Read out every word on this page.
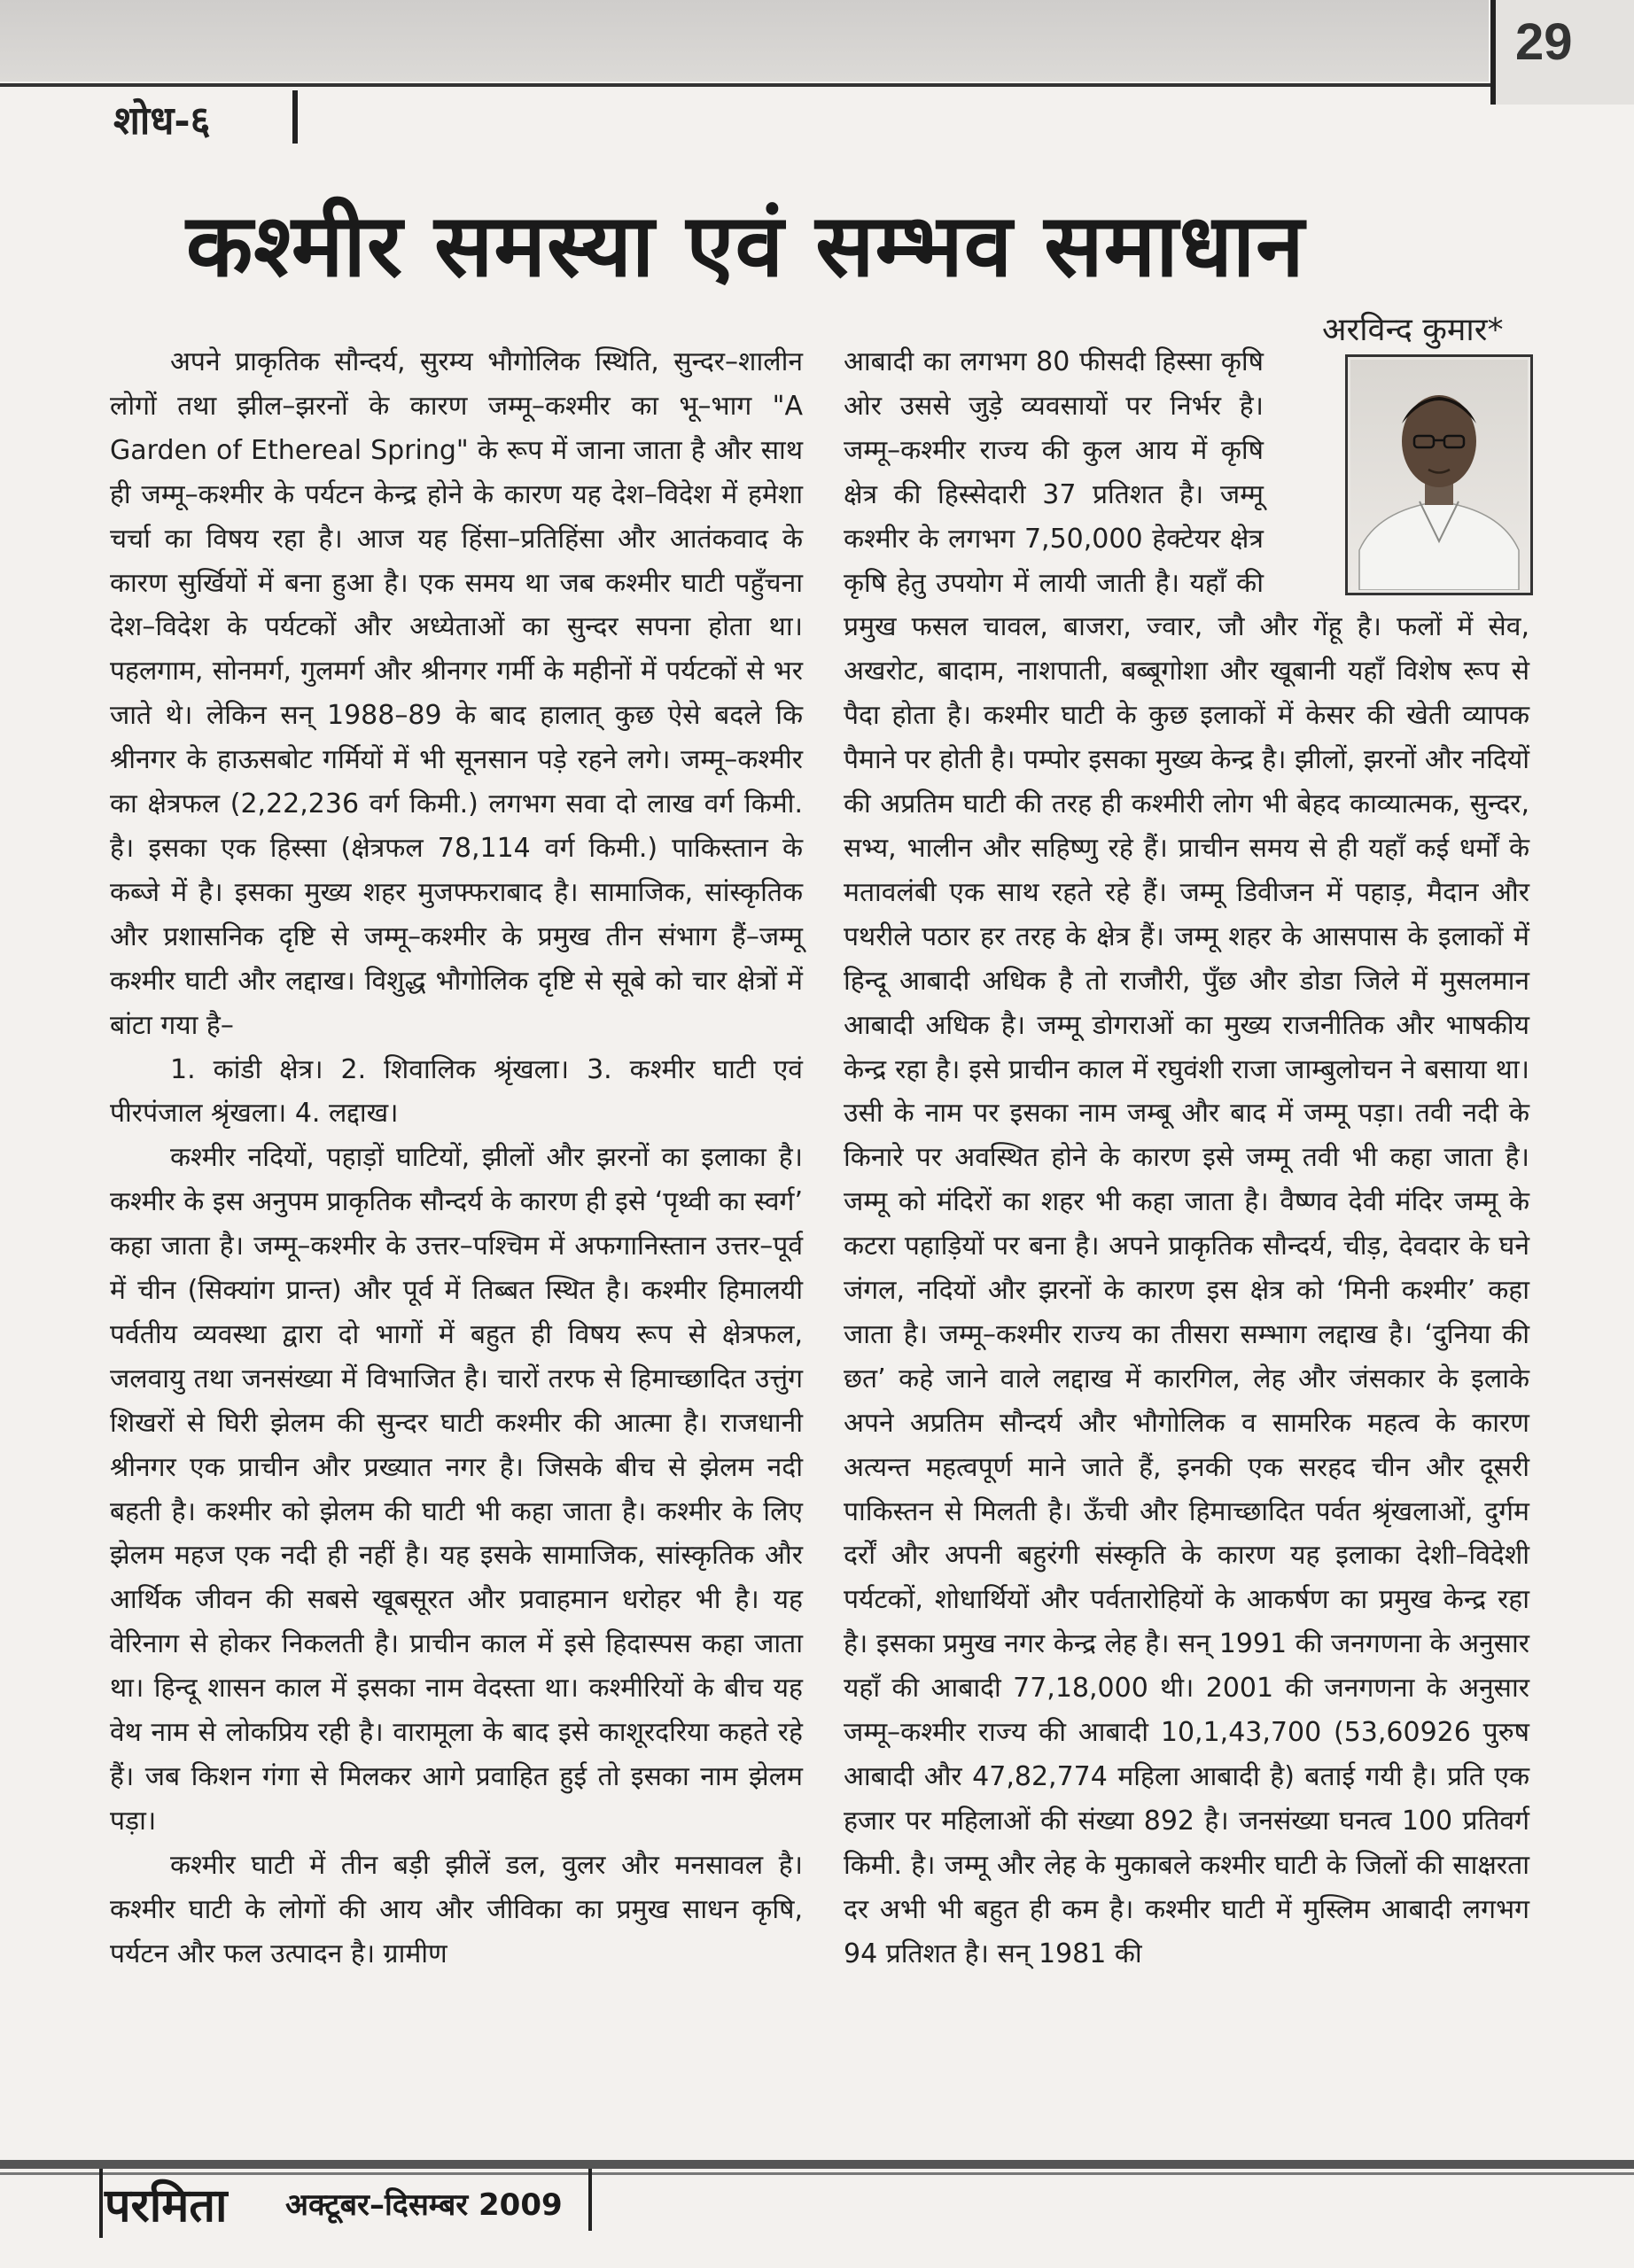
29
शोध-६
कश्मीर समस्या एवं सम्भव समाधान
अरविन्द कुमार*

अपने प्राकृतिक सौन्दर्य, सुरम्य भौगोलिक स्थिति, सुन्दर–शालीन लोगों तथा झील–झरनों के कारण जम्मू–कश्मीर का भू–भाग "A Garden of Ethereal Spring" के रूप में जाना जाता है और साथ ही जम्मू–कश्मीर के पर्यटन केन्द्र होने के कारण यह देश–विदेश में हमेशा चर्चा का विषय रहा है। आज यह हिंसा–प्रतिहिंसा और आतंकवाद के कारण सुर्खियों में बना हुआ है। एक समय था जब कश्मीर घाटी पहुँचना देश–विदेश के पर्यटकों और अध्येताओं का सुन्दर सपना होता था। पहलगाम, सोनमर्ग, गुलमर्ग और श्रीनगर गर्मी के महीनों में पर्यटकों से भर जाते थे। लेकिन सन् 1988–89 के बाद हालात् कुछ ऐसे बदले कि श्रीनगर के हाऊसबोट गर्मियों में भी सूनसान पड़े रहने लगे। जम्मू–कश्मीर का क्षेत्रफल (2,22,236 वर्ग किमी.) लगभग सवा दो लाख वर्ग किमी. है। इसका एक हिस्सा (क्षेत्रफल 78,114 वर्ग किमी.) पाकिस्तान के कब्जे में है। इसका मुख्य शहर मुजफ्फराबाद है। सामाजिक, सांस्कृतिक और प्रशासनिक दृष्टि से जम्मू–कश्मीर के प्रमुख तीन संभाग हैं–जम्मू कश्मीर घाटी और लद्दाख। विशुद्ध भौगोलिक दृष्टि से सूबे को चार क्षेत्रों में बांटा गया है–

1. कांडी क्षेत्र। 2. शिवालिक श्रृंखला। 3. कश्मीर घाटी एवं पीरपंजाल श्रृंखला। 4. लद्दाख।

कश्मीर नदियों, पहाड़ों घाटियों, झीलों और झरनों का इलाका है। कश्मीर के इस अनुपम प्राकृतिक सौन्दर्य के कारण ही इसे ‘पृथ्वी का स्वर्ग’ कहा जाता है। जम्मू–कश्मीर के उत्तर–पश्चिम में अफगानिस्तान उत्तर–पूर्व में चीन (सिक्यांग प्रान्त) और पूर्व में तिब्बत स्थित है। कश्मीर हिमालयी पर्वतीय व्यवस्था द्वारा दो भागों में बहुत ही विषय रूप से क्षेत्रफल, जलवायु तथा जनसंख्या में विभाजित है। चारों तरफ से हिमाच्छादित उत्तुंग शिखरों से घिरी झेलम की सुन्दर घाटी कश्मीर की आत्मा है। राजधानी श्रीनगर एक प्राचीन और प्रख्यात नगर है। जिसके बीच से झेलम नदी बहती है। कश्मीर को झेलम की घाटी भी कहा जाता है। कश्मीर के लिए झेलम महज एक नदी ही नहीं है। यह इसके सामाजिक, सांस्कृतिक और आर्थिक जीवन की सबसे खूबसूरत और प्रवाहमान धरोहर भी है। यह वेरिनाग से होकर निकलती है। प्राचीन काल में इसे हिदास्पस कहा जाता था। हिन्दू शासन काल में इसका नाम वेदस्ता था। कश्मीरियों के बीच यह वेथ नाम से लोकप्रिय रही है। वारामूला के बाद इसे काशूरदरिया कहते रहे हैं। जब किशन गंगा से मिलकर आगे प्रवाहित हुई तो इसका नाम झेलम पड़ा।

कश्मीर घाटी में तीन बड़ी झीलें डल, वुलर और मनसावल है। कश्मीर घाटी के लोगों की आय और जीविका का प्रमुख साधन कृषि, पर्यटन और फल उत्पादन है। ग्रामीण

आबादी का लगभग 80 फीसदी हिस्सा कृषि ओर उससे जुड़े व्यवसायों पर निर्भर है। जम्मू–कश्मीर राज्य की कुल आय में कृषि क्षेत्र की हिस्सेदारी 37 प्रतिशत है। जम्मू कश्मीर के लगभग 7,50,000 हेक्टेयर क्षेत्र कृषि हेतु उपयोग में लायी जाती है। यहाँ की प्रमुख फसल चावल, बाजरा, ज्वार, जौ और गेंहू है। फलों में सेव, अखरोट, बादाम, नाशपाती, बब्बूगोशा और खूबानी यहाँ विशेष रूप से पैदा होता है। कश्मीर घाटी के कुछ इलाकों में केसर की खेती व्यापक पैमाने पर होती है। पम्पोर इसका मुख्य केन्द्र है। झीलों, झरनों और नदियों की अप्रतिम घाटी की तरह ही कश्मीरी लोग भी बेहद काव्यात्मक, सुन्दर, सभ्य, भालीन और सहिष्णु रहे हैं। प्राचीन समय से ही यहाँ कई धर्मों के मतावलंबी एक साथ रहते रहे हैं। जम्मू डिवीजन में पहाड़, मैदान और पथरीले पठार हर तरह के क्षेत्र हैं। जम्मू शहर के आसपास के इलाकों में हिन्दू आबादी अधिक है तो राजौरी, पुँछ और डोडा जिले में मुसलमान आबादी अधिक है। जम्मू डोगराओं का मुख्य राजनीतिक और भाषकीय केन्द्र रहा है। इसे प्राचीन काल में रघुवंशी राजा जाम्बुलोचन ने बसाया था। उसी के नाम पर इसका नाम जम्बू और बाद में जम्मू पड़ा। तवी नदी के किनारे पर अवस्थित होने के कारण इसे जम्मू तवी भी कहा जाता है। जम्मू को मंदिरों का शहर भी कहा जाता है। वैष्णव देवी मंदिर जम्मू के कटरा पहाड़ियों पर बना है। अपने प्राकृतिक सौन्दर्य, चीड़, देवदार के घने जंगल, नदियों और झरनों के कारण इस क्षेत्र को ‘मिनी कश्मीर’ कहा जाता है। जम्मू–कश्मीर राज्य का तीसरा सम्भाग लद्दाख है। ‘दुनिया की छत’ कहे जाने वाले लद्दाख में कारगिल, लेह और जंसकार के इलाके अपने अप्रतिम सौन्दर्य और भौगोलिक व सामरिक महत्व के कारण अत्यन्त महत्वपूर्ण माने जाते हैं, इनकी एक सरहद चीन और दूसरी पाकिस्तन से मिलती है। ऊँची और हिमाच्छादित पर्वत श्रृंखलाओं, दुर्गम दर्रों और अपनी बहुरंगी संस्कृति के कारण यह इलाका देशी–विदेशी पर्यटकों, शोधार्थियों और पर्वतारोहियों के आकर्षण का प्रमुख केन्द्र रहा है। इसका प्रमुख नगर केन्द्र लेह है। सन् 1991 की जनगणना के अनुसार यहाँ की आबादी 77,18,000 थी। 2001 की जनगणना के अनुसार जम्मू–कश्मीर राज्य की आबादी 10,1,43,700 (53,60926 पुरुष आबादी और 47,82,774 महिला आबादी है) बताई गयी है। प्रति एक हजार पर महिलाओं की संख्या 892 है। जनसंख्या घनत्व 100 प्रतिवर्ग किमी. है। जम्मू और लेह के मुकाबले कश्मीर घाटी के जिलों की साक्षरता दर अभी भी बहुत ही कम है। कश्मीर घाटी में मुस्लिम आबादी लगभग 94 प्रतिशत है। सन् 1981 की

परमिता अक्टूबर–दिसम्बर 2009
